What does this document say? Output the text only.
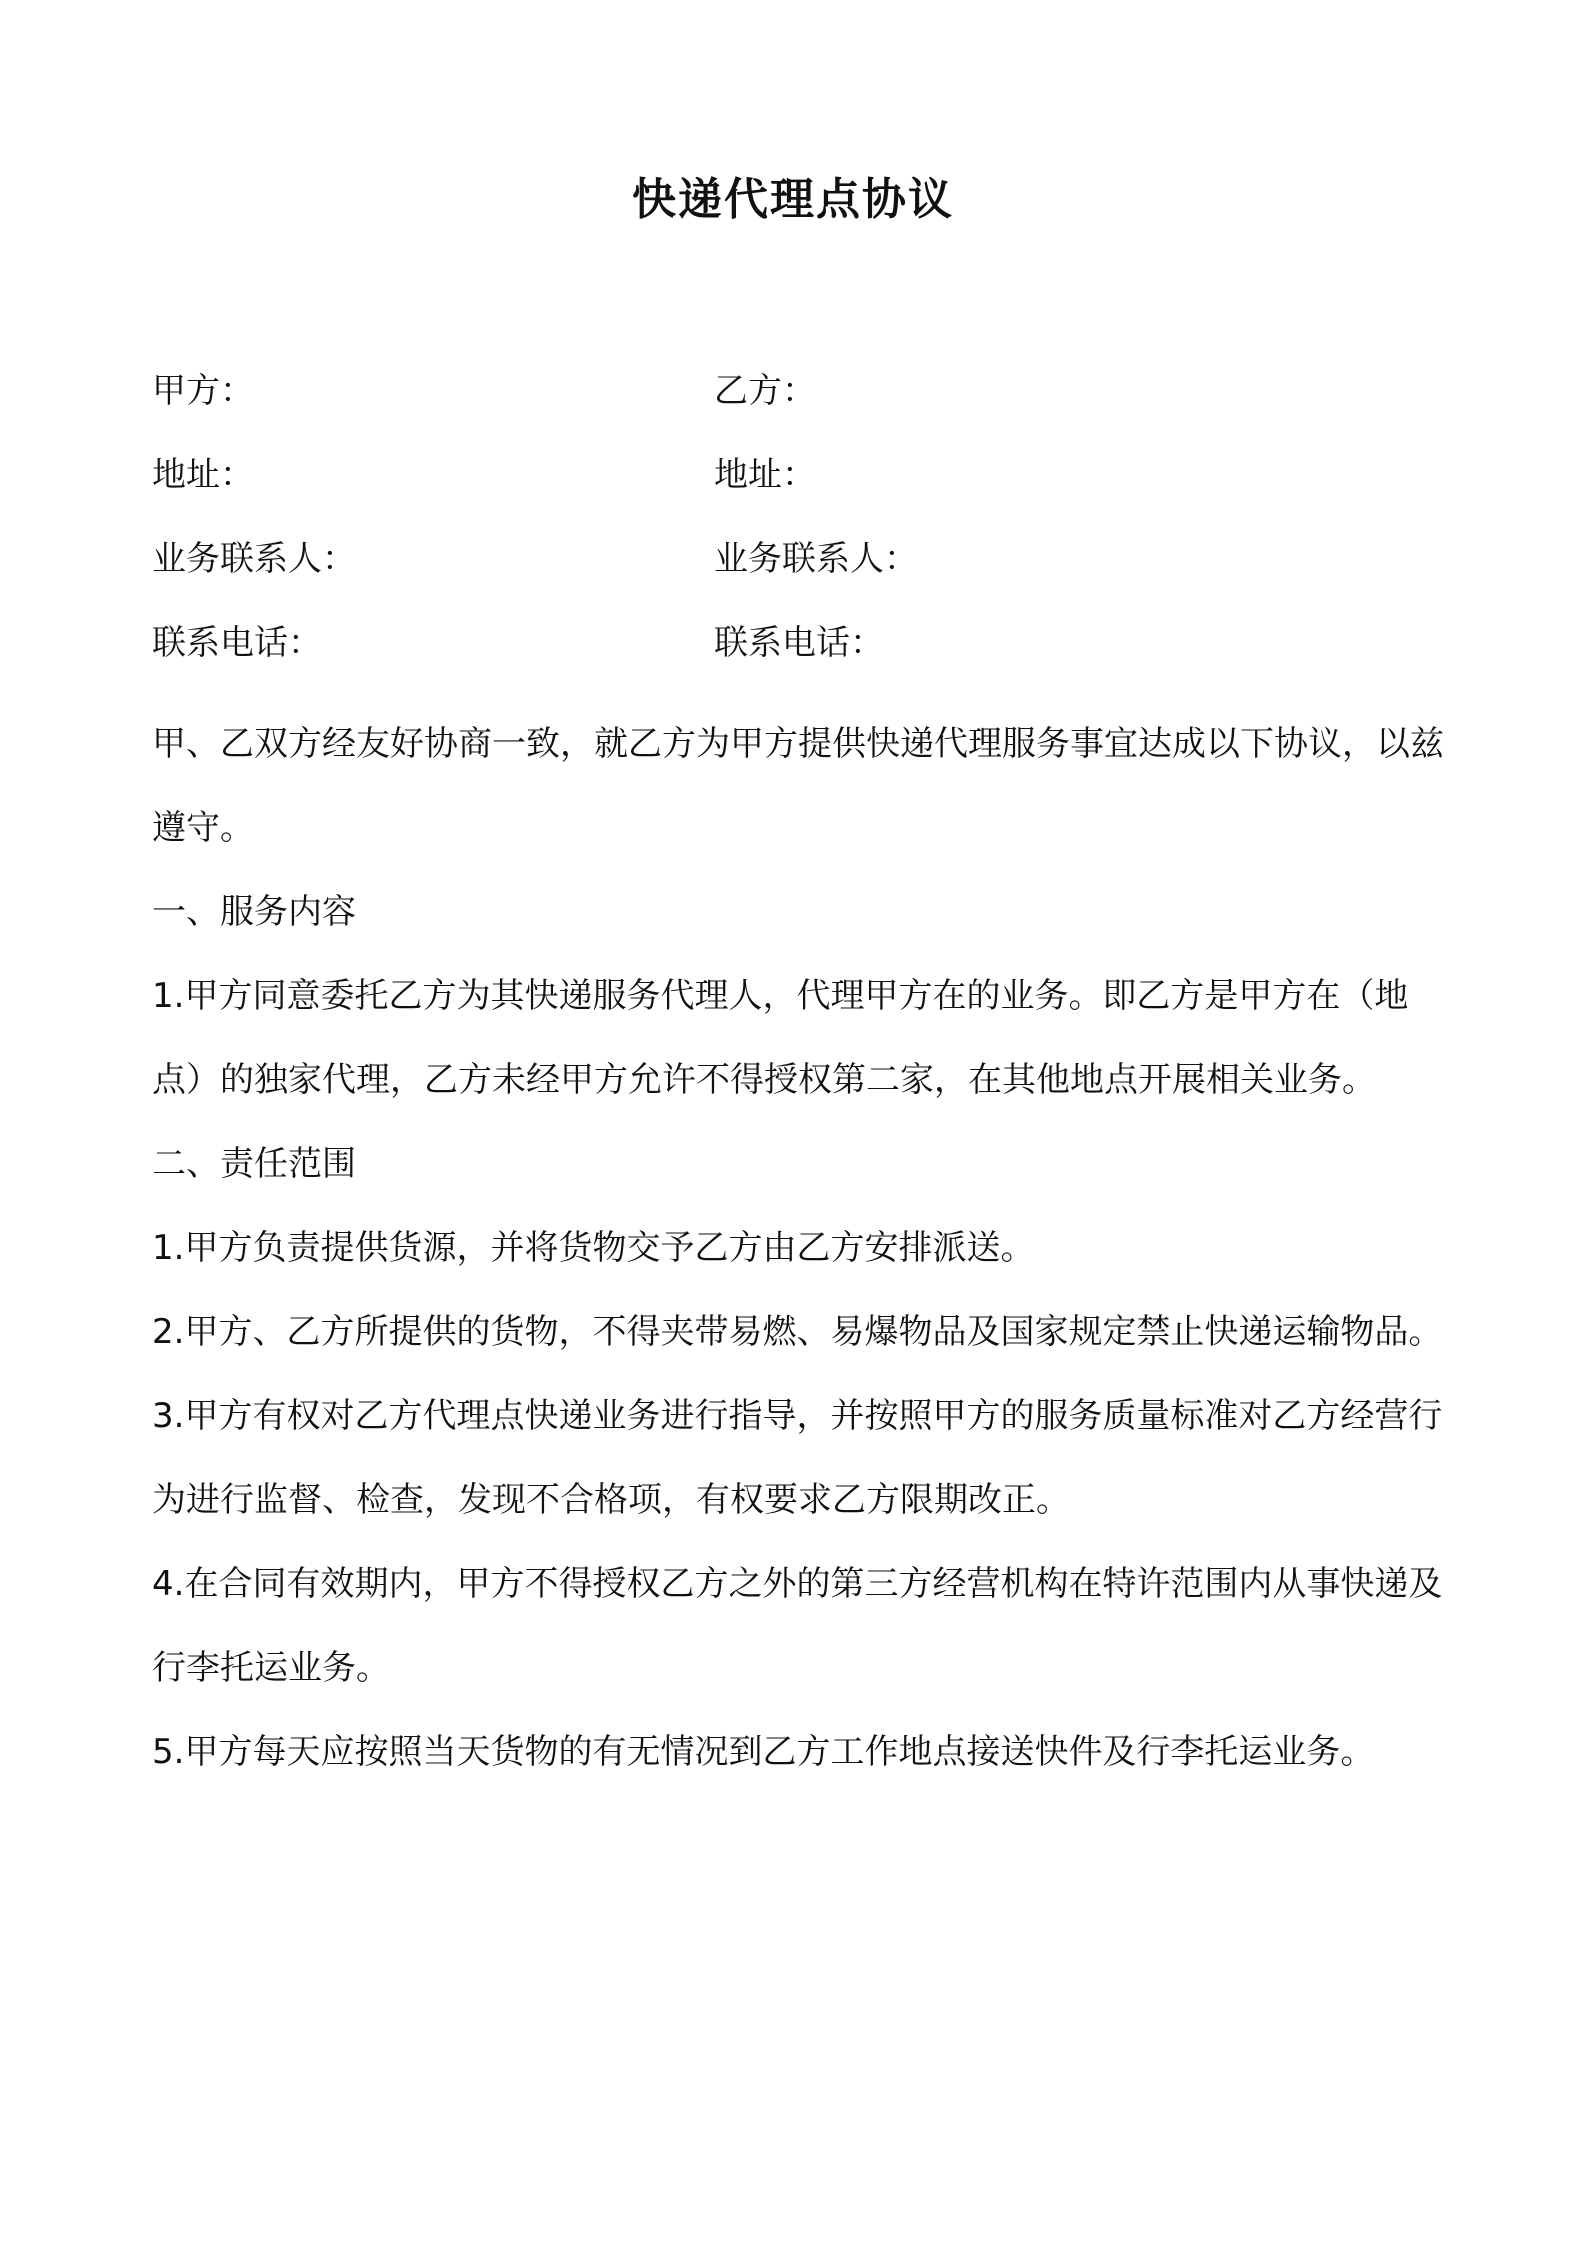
快递代理点协议
甲方：	乙方：
地址：	地址：
业务联系人：	业务联系人：
联系电话：	联系电话：

甲、乙双方经友好协商一致，就乙方为甲方提供快递代理服务事宜达成以下协议，以兹遵守。

一、服务内容

1.甲方同意委托乙方为其快递服务代理人，代理甲方在的业务。即乙方是甲方在（地点）的独家代理，乙方未经甲方允许不得授权第二家，在其他地点开展相关业务。

二、责任范围

1.甲方负责提供货源，并将货物交予乙方由乙方安排派送。

2.甲方、乙方所提供的货物，不得夹带易燃、易爆物品及国家规定禁止快递运输物品。

3.甲方有权对乙方代理点快递业务进行指导，并按照甲方的服务质量标准对乙方经营行为进行监督、检查，发现不合格项，有权要求乙方限期改正。

4.在合同有效期内，甲方不得授权乙方之外的第三方经营机构在特许范围内从事快递及行李托运业务。

5.甲方每天应按照当天货物的有无情况到乙方工作地点接送快件及行李托运业务。
